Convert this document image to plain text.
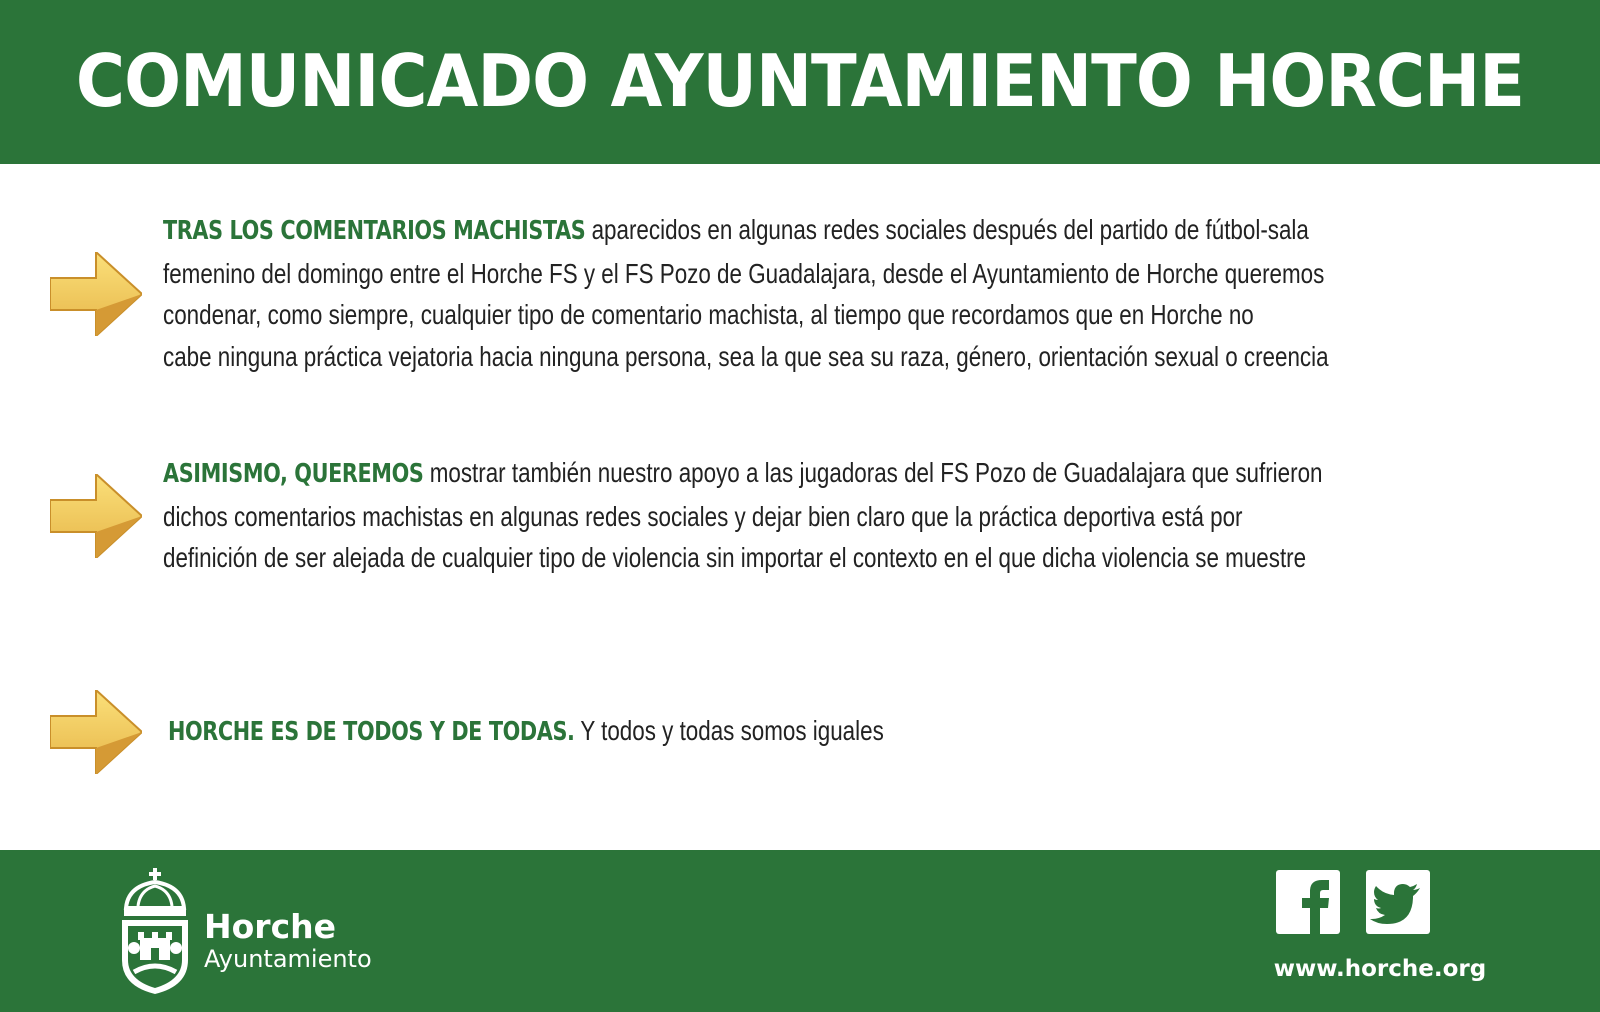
COMUNICADO AYUNTAMIENTO HORCHE
TRAS LOS COMENTARIOS MACHISTAS aparecidos en algunas redes sociales después del partido de fútbol-sala
femenino del domingo entre el Horche FS y el FS Pozo de Guadalajara, desde el Ayuntamiento de Horche queremos
condenar, como siempre, cualquier tipo de comentario machista, al tiempo que recordamos que en Horche no
cabe ninguna práctica vejatoria hacia ninguna persona, sea la que sea su raza, género, orientación sexual o creencia
ASIMISMO, QUEREMOS mostrar también nuestro apoyo a las jugadoras del FS Pozo de Guadalajara que sufrieron
dichos comentarios machistas en algunas redes sociales y dejar bien claro que la práctica deportiva está por
definición de ser alejada de cualquier tipo de violencia sin importar el contexto en el que dicha violencia se muestre
HORCHE ES DE TODOS Y DE TODAS. Y todos y todas somos iguales
Horche
Ayuntamiento	www.horche.org
